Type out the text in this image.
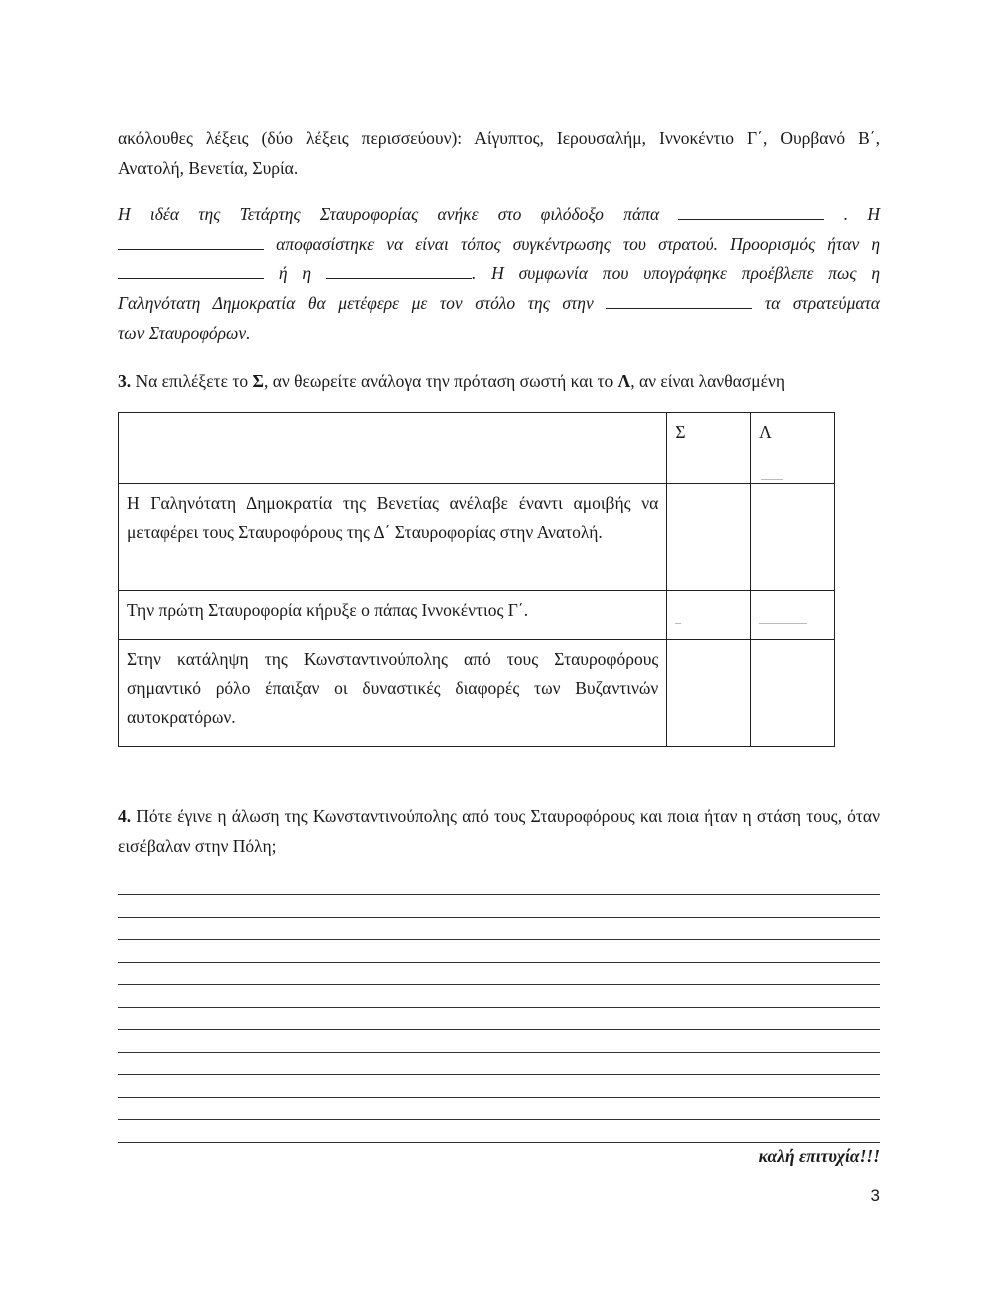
ακόλουθες λέξεις (δύο λέξεις περισσεύουν): Αίγυπτος, Ιερουσαλήμ, Ιννοκέντιο Γ΄, Ουρβανό Β΄,
Ανατολή, Βενετία, Συρία.
Η ιδέα της Τετάρτης Σταυροφορίας ανήκε στο φιλόδοξο πάπα	. Η
αποφασίστηκε να είναι τόπος συγκέντρωσης του στρατού. Προορισμός ήταν η
ή η	. Η συμφωνία που υπογράφηκε προέβλεπε πως η
Γαληνότατη Δημοκρατία θα μετέφερε με τον στόλο της στην	τα στρατεύματα
των Σταυροφόρων.
3. Να επιλέξετε το Σ, αν θεωρείτε ανάλογα την πρόταση σωστή και το Λ, αν είναι λανθασμένη
	Σ	Λ

Η Γαληνότατη Δημοκρατία της Βενετίας ανέλαβε έναντι αμοιβής να μεταφέρει τους Σταυροφόρους της Δ΄ Σταυροφορίας στην Ανατολή.		
Την πρώτη Σταυροφορία κήρυξε ο πάπας Ιννοκέντιος Γ΄.	

Στην κατάληψη της Κωνσταντινούπολης από τους Σταυροφόρους σημαντικό ρόλο έπαιξαν οι δυναστικές διαφορές των Βυζαντινών αυτοκρατόρων.		
4. Πότε έγινε η άλωση της Κωνσταντινούπολης από τους Σταυροφόρους και ποια ήταν η στάση τους, όταν εισέβαλαν στην Πόλη;
καλή επιτυχία!!!
3
